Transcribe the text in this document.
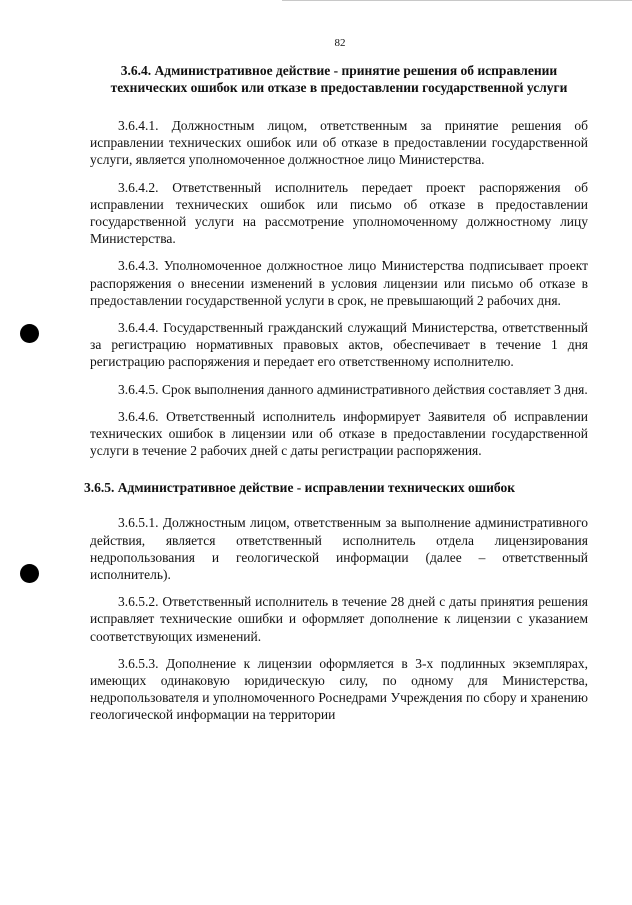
82
3.6.4. Административное действие - принятие решения об исправлении технических ошибок или отказе в предоставлении государственной услуги

3.6.4.1. Должностным лицом, ответственным за принятие решения об исправлении технических ошибок или об отказе в предоставлении государственной услуги, является уполномоченное должностное лицо Министерства.

3.6.4.2. Ответственный исполнитель передает проект распоряжения об исправлении технических ошибок или письмо об отказе в предоставлении государственной услуги на рассмотрение уполномоченному должностному лицу Министерства.

3.6.4.3. Уполномоченное должностное лицо Министерства подписывает проект распоряжения о внесении изменений в условия лицензии или письмо об отказе в предоставлении государственной услуги в срок, не превышающий 2 рабочих дня.

3.6.4.4. Государственный гражданский служащий Министерства, ответственный за регистрацию нормативных правовых актов, обеспечивает в течение 1 дня регистрацию распоряжения и передает его ответственному исполнителю.

3.6.4.5. Срок выполнения данного административного действия составляет 3 дня.

3.6.4.6. Ответственный исполнитель информирует Заявителя об исправлении технических ошибок в лицензии или об отказе в предоставлении государственной услуги в течение 2 рабочих дней с даты регистрации распоряжения.

3.6.5. Административное действие - исправлении технических ошибок

3.6.5.1. Должностным лицом, ответственным за выполнение административного действия, является ответственный исполнитель отдела лицензирования недропользования и геологической информации (далее – ответственный исполнитель).

3.6.5.2. Ответственный исполнитель в течение 28 дней с даты принятия решения исправляет технические ошибки и оформляет дополнение к лицензии с указанием соответствующих изменений.

3.6.5.3. Дополнение к лицензии оформляется в 3-х подлинных экземплярах, имеющих одинаковую юридическую силу, по одному для Министерства, недропользователя и уполномоченного Роснедрами Учреждения по сбору и хранению геологической информации на территории
